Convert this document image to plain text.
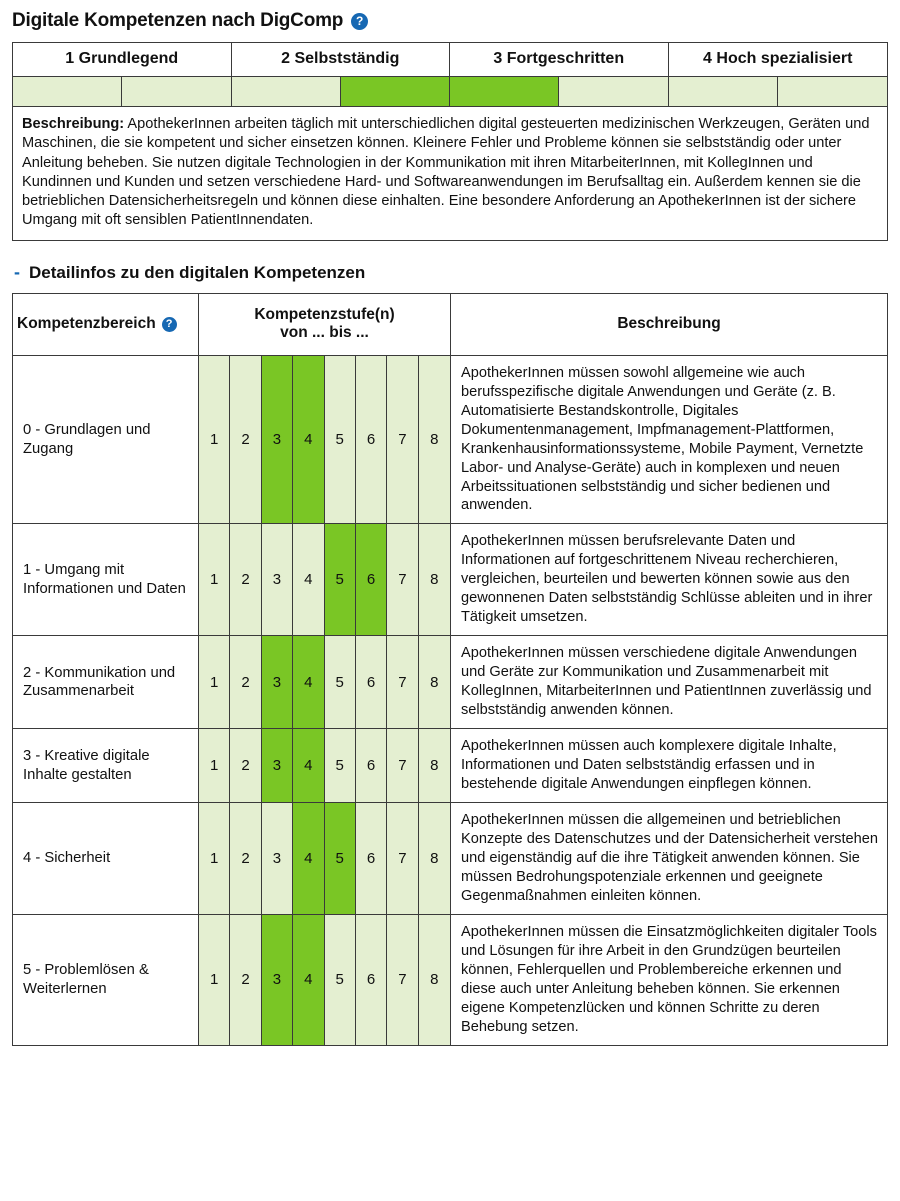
Digitale Kompetenzen nach DigComp	?
1 Grundlegend	2 Selbstständig	3 Fortgeschritten	4 Hoch spezialisiert
Beschreibung: ApothekerInnen arbeiten täglich mit unterschiedlichen digital gesteuerten medizinischen Werkzeugen, Geräten und Maschinen, die sie kompetent und sicher einsetzen können. Kleinere Fehler und Probleme können sie selbstständig oder unter Anleitung beheben. Sie nutzen digitale Technologien in der Kommunikation mit ihren MitarbeiterInnen, mit KollegInnen und Kundinnen und Kunden und setzen verschiedene Hard- und Softwareanwendungen im Berufsalltag ein. Außerdem kennen sie die betrieblichen Datensicherheitsregeln und können diese einhalten. Eine besondere Anforderung an ApothekerInnen ist der sichere Umgang mit oft sensiblen PatientInnendaten.
- Detailinfos zu den digitalen Kompetenzen
Kompetenzbereich ?

Kompetenzstufe(n)
von ... bis ...
	Beschreibung
0 - Grundlagen und Zugang	
1	2	3	4	5	6	7	8
	ApothekerInnen müssen sowohl allgemeine wie auch berufsspezifische digitale Anwendungen und Geräte (z. B. Automatisierte Bestandskontrolle, Digitales Dokumentenmanagement, Impfmanagement-Plattformen, Krankenhausinformationssysteme, Mobile Payment, Vernetzte Labor- und Analyse-Geräte) auch in komplexen und neuen Arbeitssituationen selbstständig und sicher bedienen und anwenden.
1 - Umgang mit Informationen und Daten	
1	2	3	4	5	6	7	8
	ApothekerInnen müssen berufsrelevante Daten und Informationen auf fortgeschrittenem Niveau recherchieren, vergleichen, beurteilen und bewerten können sowie aus den gewonnenen Daten selbstständig Schlüsse ableiten und in ihrer Tätigkeit umsetzen.
2 - Kommunikation und Zusammenarbeit	
1	2	3	4	5	6	7	8
	ApothekerInnen müssen verschiedene digitale Anwendungen und Geräte zur Kommunikation und Zusammenarbeit mit KollegInnen, MitarbeiterInnen und PatientInnen zuverlässig und selbstständig anwenden können.
3 - Kreative digitale Inhalte gestalten	
1	2	3	4	5	6	7	8
	ApothekerInnen müssen auch komplexere digitale Inhalte, Informationen und Daten selbstständig erfassen und in bestehende digitale Anwendungen einpflegen können.
4 - Sicherheit	1	2	3	4	5	6	7	8
	ApothekerInnen müssen die allgemeinen und betrieblichen Konzepte des Datenschutzes und der Datensicherheit verstehen und eigenständig auf die ihre Tätigkeit anwenden können. Sie müssen Bedrohungspotenziale erkennen und geeignete Gegenmaßnahmen einleiten können.
5 - Problemlösen & Weiterlernen	
1	2	3	4	5	6	7	8
	ApothekerInnen müssen die Einsatzmöglichkeiten digitaler Tools und Lösungen für ihre Arbeit in den Grundzügen beurteilen können, Fehlerquellen und Problembereiche erkennen und diese auch unter Anleitung beheben können. Sie erkennen eigene Kompetenzlücken und können Schritte zu deren Behebung setzen.
